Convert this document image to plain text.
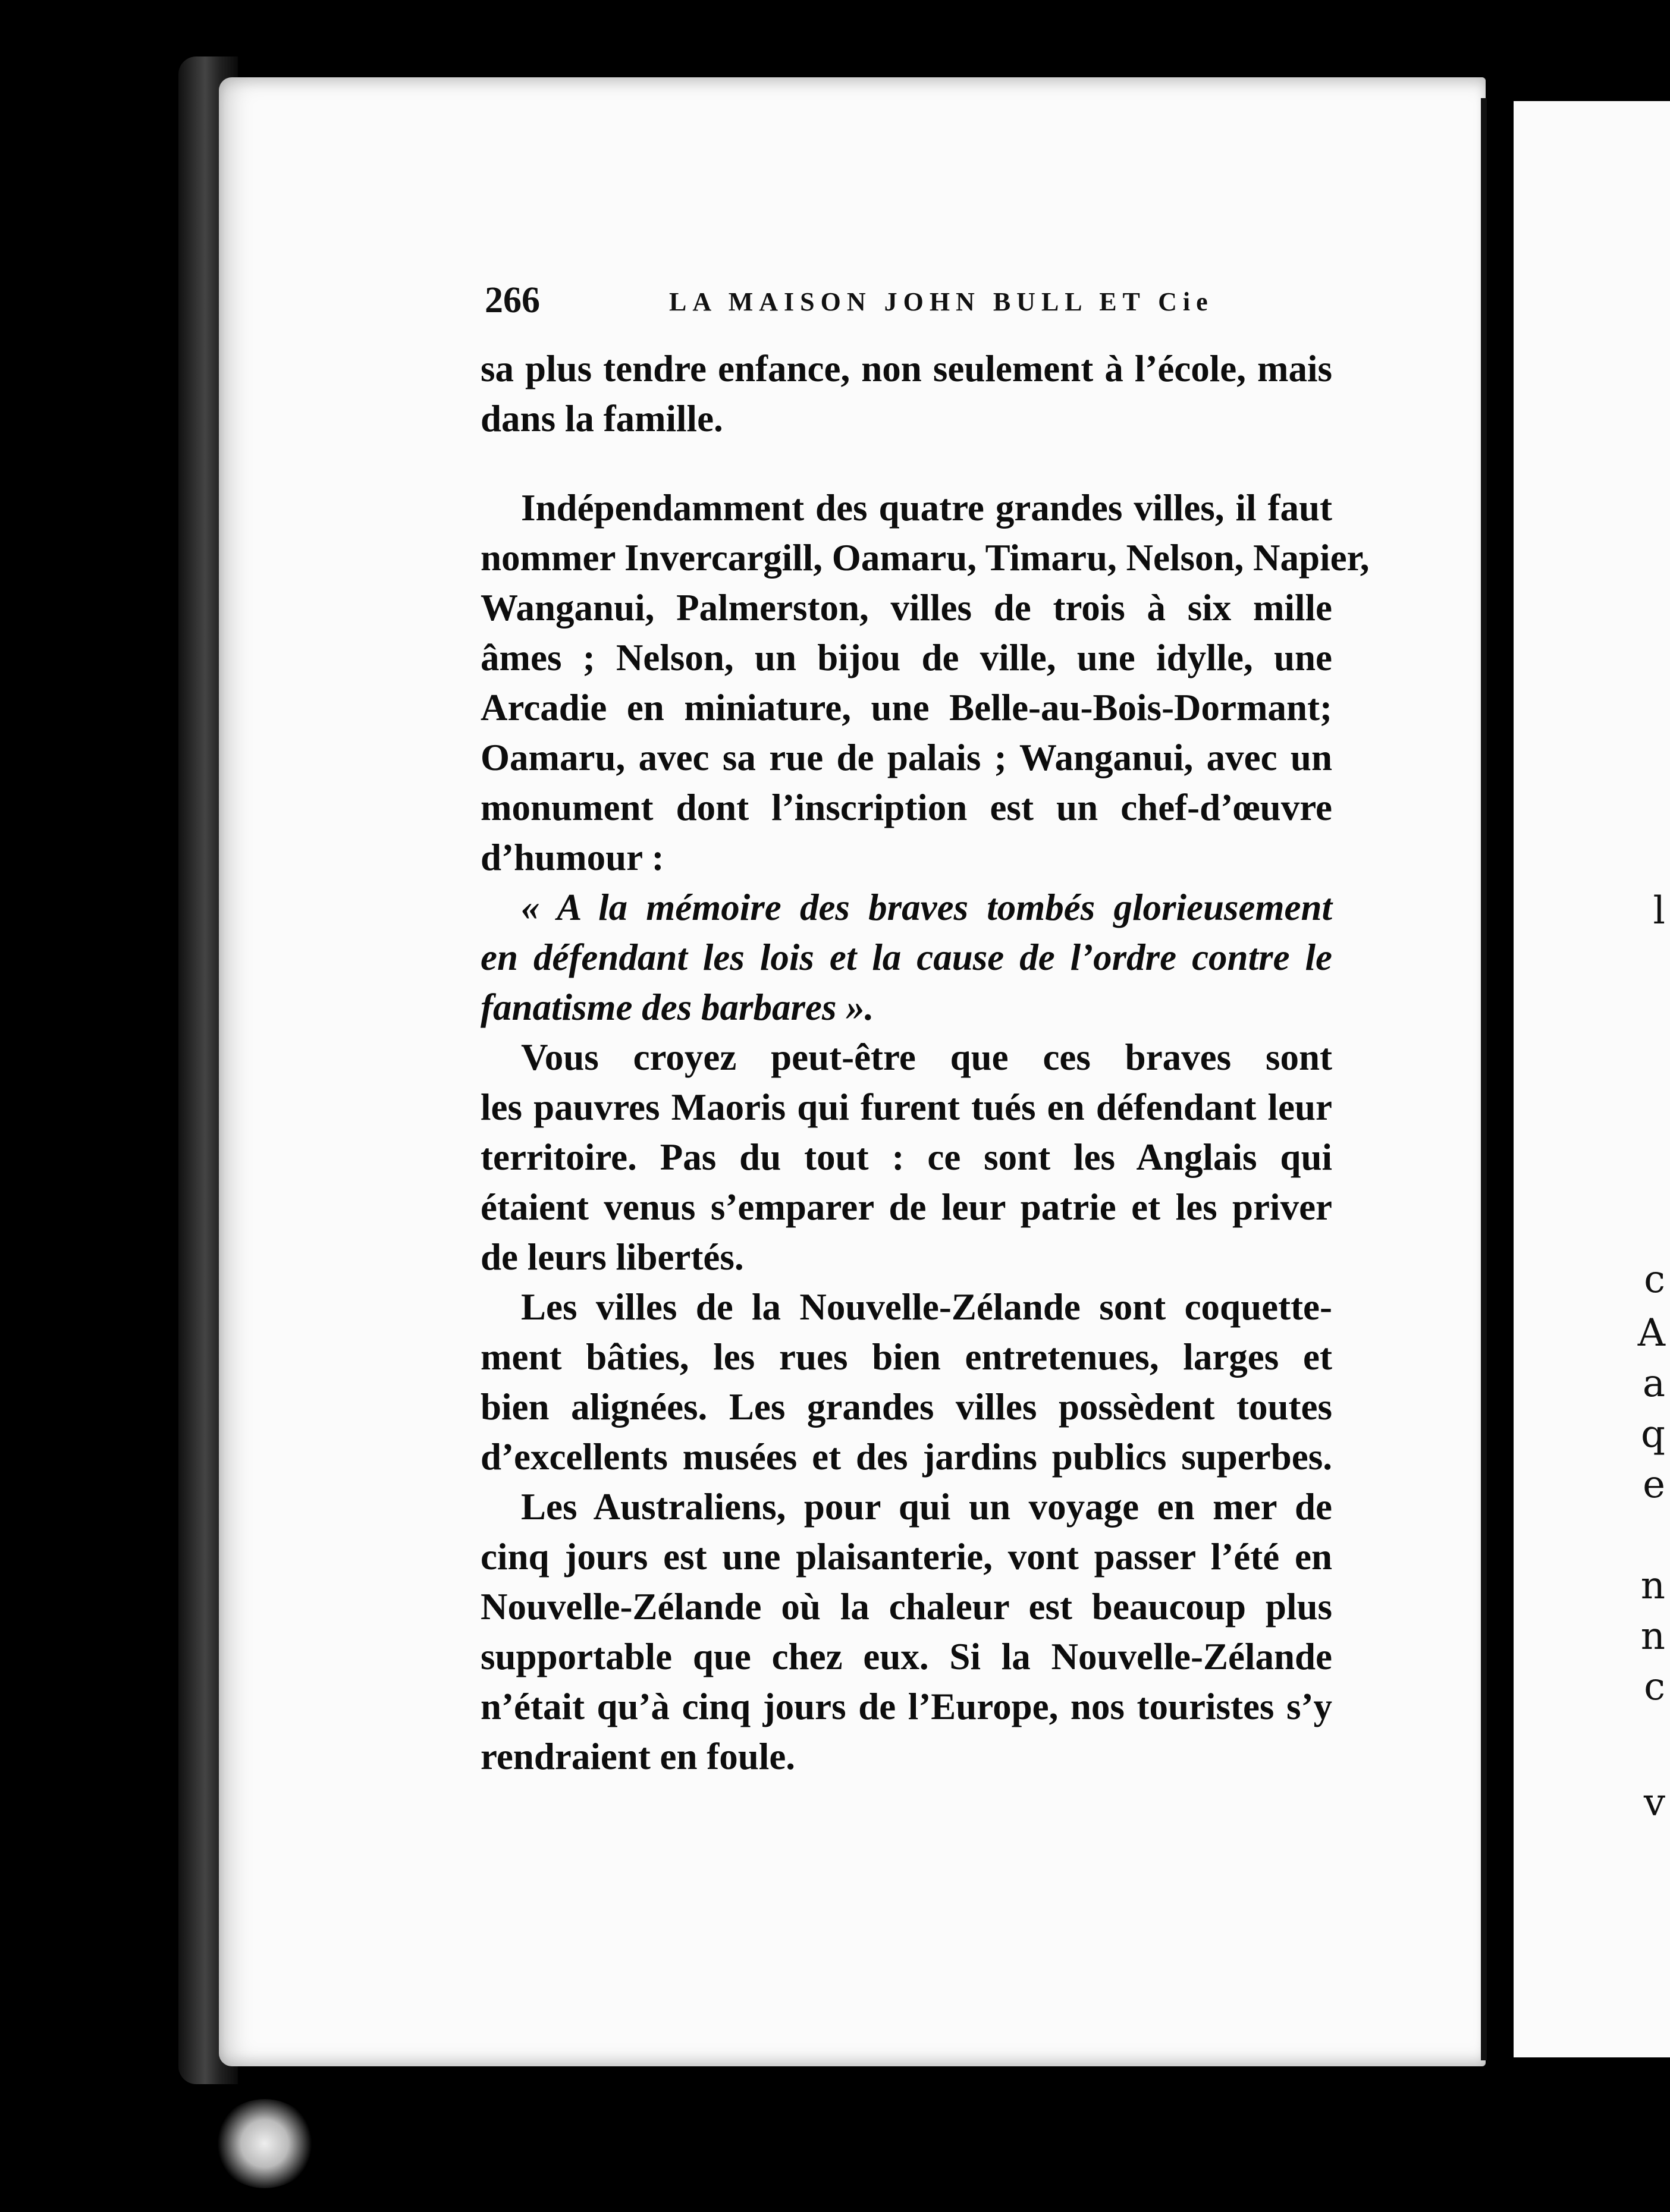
l
c
A
a
q
e
n
n
c
v
266	LA MAISON JOHN BULL ET Cie
sa plus tendre enfance, non seulement à l’école, mais
dans la famille.
Indépendamment des quatre grandes villes, il faut
nommer Invercargill, Oamaru, Timaru, Nelson, Napier,
Wanganui, Palmerston, villes de trois à six mille
âmes ; Nelson, un bijou de ville, une idylle, une
Arcadie en miniature, une Belle-au-Bois-Dormant;
Oamaru, avec sa rue de palais ; Wanganui, avec un
monument dont l’inscription est un chef-d’œuvre
d’humour :
« A la mémoire des braves tombés glorieusement
en défendant les lois et la cause de l’ordre contre le
fanatisme des barbares ».
Vous croyez peut-être que ces braves sont
les pauvres Maoris qui furent tués en défendant leur
territoire. Pas du tout : ce sont les Anglais qui
étaient venus s’emparer de leur patrie et les priver
de leurs libertés.
Les villes de la Nouvelle-Zélande sont coquette-
ment bâties, les rues bien entretenues, larges et
bien alignées. Les grandes villes possèdent toutes
d’excellents musées et des jardins publics superbes.
Les Australiens, pour qui un voyage en mer de
cinq jours est une plaisanterie, vont passer l’été en
Nouvelle-Zélande où la chaleur est beaucoup plus
supportable que chez eux. Si la Nouvelle-Zélande
n’était qu’à cinq jours de l’Europe, nos touristes s’y
rendraient en foule.
